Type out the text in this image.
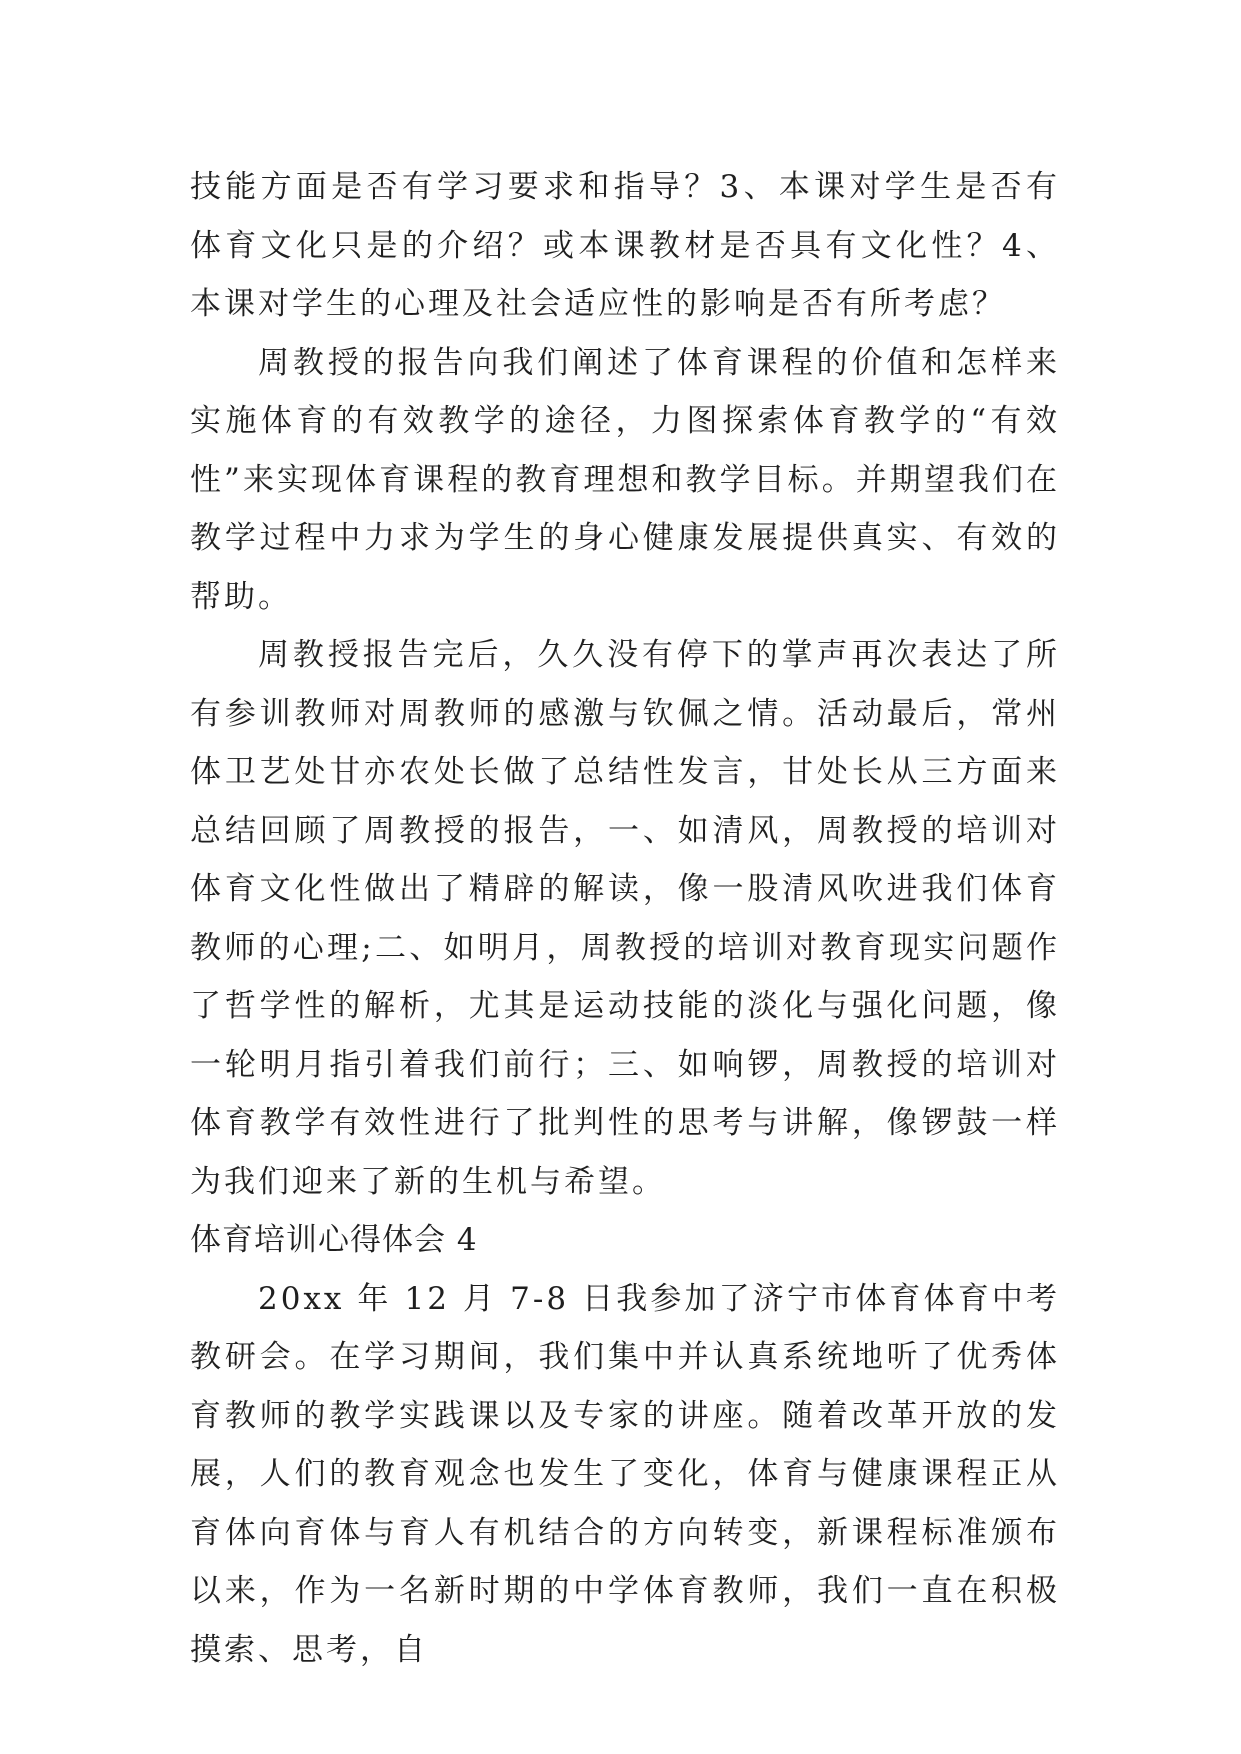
技能方面是否有学习要求和指导？3、本课对学生是否有体育文化只是的介绍？或本课教材是否具有文化性？4、本课对学生的心理及社会适应性的影响是否有所考虑？

周教授的报告向我们阐述了体育课程的价值和怎样来实施体育的有效教学的途径，力图探索体育教学的“有效性”来实现体育课程的教育理想和教学目标。并期望我们在教学过程中力求为学生的身心健康发展提供真实、有效的帮助。

周教授报告完后，久久没有停下的掌声再次表达了所有参训教师对周教师的感激与钦佩之情。活动最后，常州体卫艺处甘亦农处长做了总结性发言，甘处长从三方面来总结回顾了周教授的报告，一、如清风，周教授的培训对体育文化性做出了精辟的解读，像一股清风吹进我们体育教师的心理;二、如明月，周教授的培训对教育现实问题作了哲学性的解析，尤其是运动技能的淡化与强化问题，像一轮明月指引着我们前行；三、如响锣，周教授的培训对体育教学有效性进行了批判性的思考与讲解，像锣鼓一样为我们迎来了新的生机与希望。

体育培训心得体会 4

20xx 年 12 月 7-8 日我参加了济宁市体育体育中考教研会。在学习期间，我们集中并认真系统地听了优秀体育教师的教学实践课以及专家的讲座。随着改革开放的发展，人们的教育观念也发生了变化，体育与健康课程正从育体向育体与育人有机结合的方向转变，新课程标准颁布以来，作为一名新时期的中学体育教师，我们一直在积极摸索、思考，自
